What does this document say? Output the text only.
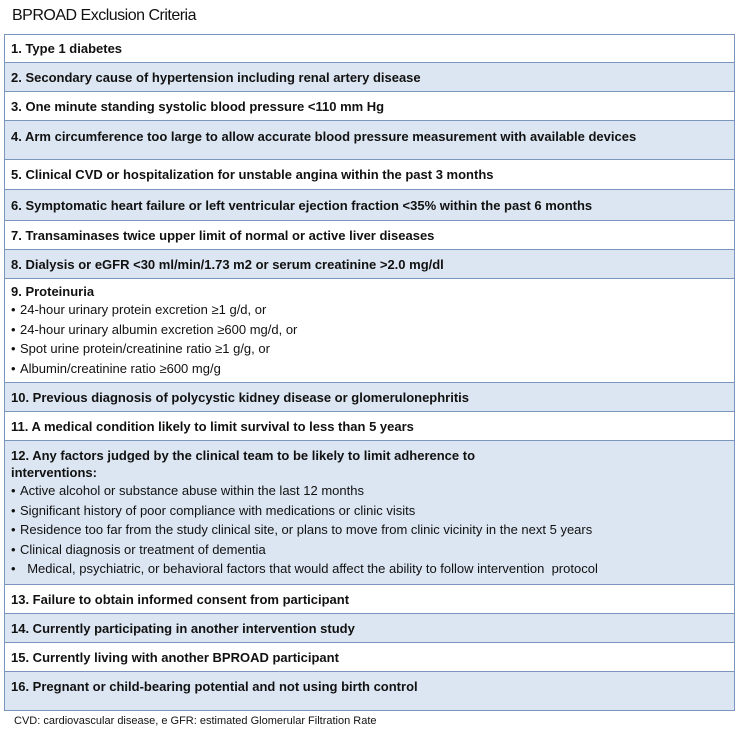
BPROAD Exclusion Criteria
1. Type 1 diabetes
2. Secondary cause of hypertension including renal artery disease
3. One minute standing systolic blood pressure <110 mm Hg
4. Arm circumference too large to allow accurate blood pressure measurement with available devices
5. Clinical CVD or hospitalization for unstable angina within the past 3 months
6. Symptomatic heart failure or left ventricular ejection fraction <35% within the past 6 months
7. Transaminases twice upper limit of normal or active liver diseases
8. Dialysis or eGFR <30 ml/min/1.73 m2 or serum creatinine >2.0 mg/dl

9. Proteinuria
• 24-hour urinary protein excretion ≥1 g/d, or
• 24-hour urinary albumin excretion ≥600 mg/d, or
• Spot urine protein/creatinine ratio ≥1 g/g, or
• Albumin/creatinine ratio ≥600 mg/g

10. Previous diagnosis of polycystic kidney disease or glomerulonephritis
11. A medical condition likely to limit survival to less than 5 years

12. Any factors judged by the clinical team to be likely to limit adherence to
interventions:
• Active alcohol or substance abuse within the last 12 months
• Significant history of poor compliance with medications or clinic visits
• Residence too far from the study clinical site, or plans to move from clinic vicinity in the next 5 years
• Clinical diagnosis or treatment of dementia
•  Medical, psychiatric, or behavioral factors that would affect the ability to follow intervention  protocol

13. Failure to obtain informed consent from participant
14. Currently participating in another intervention study
15. Currently living with another BPROAD participant
16. Pregnant or child-bearing potential and not using birth control
CVD: cardiovascular disease, e GFR: estimated Glomerular Filtration Rate
